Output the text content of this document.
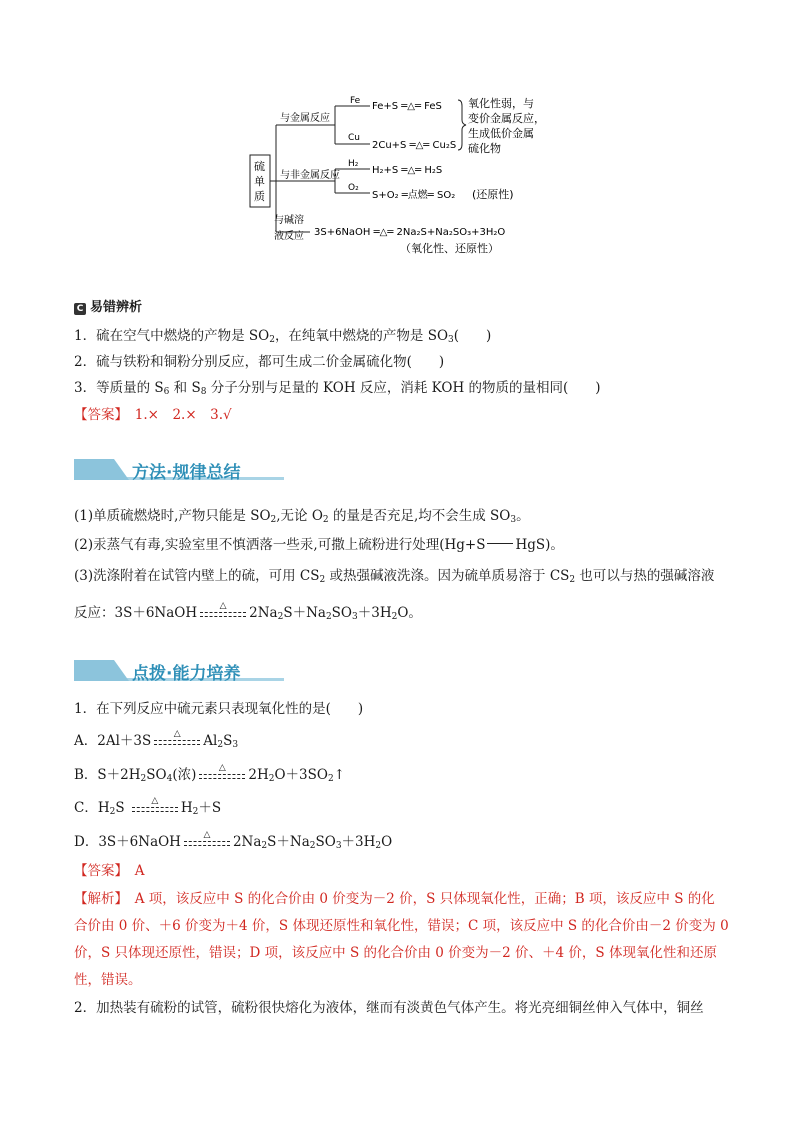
硫
单
质
与金属反应
与非金属反应
与碱溶
液反应
Fe
Cu
Fe+S ═△═ FeS
2Cu+S ═△═ Cu₂S
氧化性弱，与
变价金属反应，
生成低价金属
硫化物
H₂
O₂
H₂+S ═△═ H₂S
S+O₂ ═点燃═ SO₂ (还原性)
3S+6NaOH ═△═ 2Na₂S+Na₂SO₃+3H₂O
（氧化性、还原性）
C 易错辨析
1．硫在空气中燃烧的产物是 $SO_2$，在纯氧中燃烧的产物是 $SO_3$(　　)
2．硫与铁粉和铜粉分别反应，都可生成二价金属硫化物(　　)
3．等质量的 $S_6$ 和 $S_8$ 分子分别与足量的 KOH 反应，消耗 KOH 的物质的量相同(　　)
【答案】　 1.×　2.×　3.√
方法·规律总结
(1)单质硫燃烧时,产物只能是 $SO_2$,无论 $O_2$ 的量是否充足,均不会生成 $SO_3$。
(2)汞蒸气有毒,实验室里不慎洒落一些汞,可撒上硫粉进行处理(Hg+S HgS)。
(3)洗涤附着在试管内壁上的硫，可用 $CS_2$ 或热强碱液洗涤。因为硫单质易溶于 $CS_2$ 也可以与热的强碱溶液
反应：3S＋6NaOH	△	$2Na_2S+Na_2SO_3+3H_2O$。
点拨·能力培养
1．在下列反应中硫元素只表现氧化性的是(　　)
A．2Al＋3S	△	$Al_2S_3$
B．$S+2H_2SO_4$(浓)	△	$2H_2O+3SO_2↑$
C．$H_2S$	△	$H_2+S$
D．3S＋6NaOH	△	$2Na_2S+Na_2SO_3+3H_2O$
【答案】　 A
【解析】　 A 项，该反应中 S 的化合价由 0 价变为－2 价，S 只体现氧化性，正确；B 项，该反应中 S 的化
合价由 0 价、＋6 价变为＋4 价，S 体现还原性和氧化性，错误；C 项，该反应中 S 的化合价由－2 价变为 0
价，S 只体现还原性，错误；D 项，该反应中 S 的化合价由 0 价变为－2 价、＋4 价，S 体现氧化性和还原
性，错误。
2．加热装有硫粉的试管，硫粉很快熔化为液体，继而有淡黄色气体产生。将光亮细铜丝伸入气体中，铜丝
